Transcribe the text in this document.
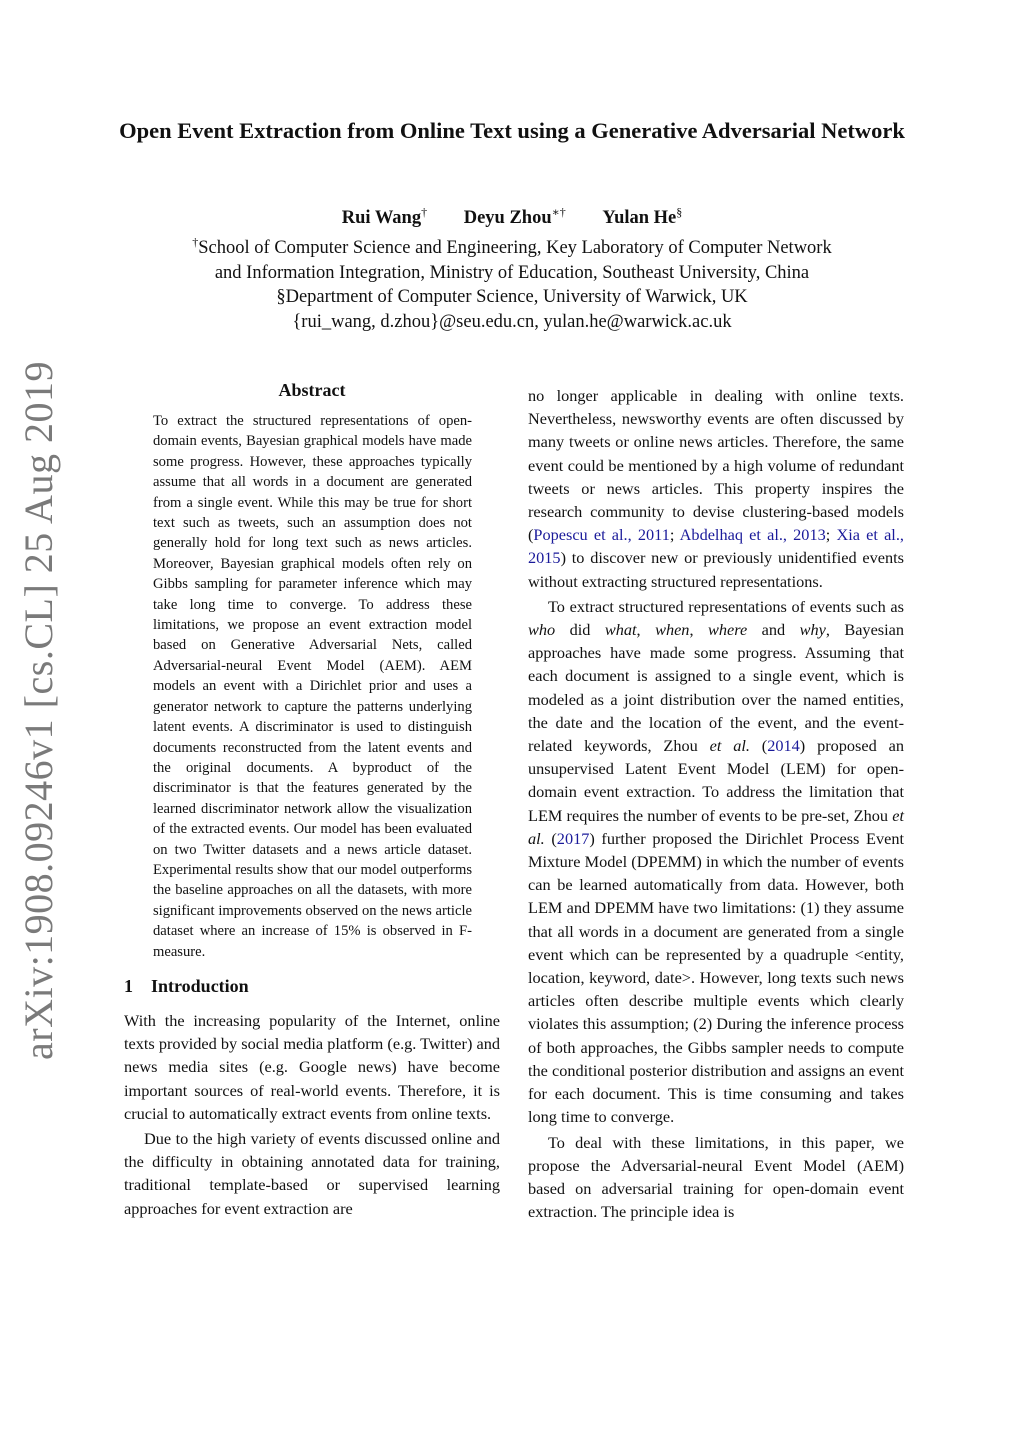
arXiv:1908.09246v1 [cs.CL] 25 Aug 2019
Open Event Extraction from Online Text using a Generative Adversarial Network
Rui Wang† Deyu Zhou∗† Yulan He§
†School of Computer Science and Engineering, Key Laboratory of Computer Network
and Information Integration, Ministry of Education, Southeast University, China
§Department of Computer Science, University of Warwick, UK
{rui_wang, d.zhou}@seu.edu.cn, yulan.he@warwick.ac.uk
Abstract
To extract the structured representations of open-domain events, Bayesian graphical models have made some progress. However, these approaches typically assume that all words in a document are generated from a single event. While this may be true for short text such as tweets, such an assumption does not generally hold for long text such as news articles. Moreover, Bayesian graphical models often rely on Gibbs sampling for parameter inference which may take long time to converge. To address these limitations, we propose an event extraction model based on Generative Adversarial Nets, called Adversarial-neural Event Model (AEM). AEM models an event with a Dirichlet prior and uses a generator network to capture the patterns underlying latent events. A discriminator is used to distinguish documents reconstructed from the latent events and the original documents. A byproduct of the discriminator is that the features generated by the learned discriminator network allow the visualization of the extracted events. Our model has been evaluated on two Twitter datasets and a news article dataset. Experimental results show that our model outperforms the baseline approaches on all the datasets, with more significant improvements observed on the news article dataset where an increase of 15% is observed in F-measure.
1 Introduction

With the increasing popularity of the Internet, online texts provided by social media platform (e.g. Twitter) and news media sites (e.g. Google news) have become important sources of real-world events. Therefore, it is crucial to automatically extract events from online texts.

Due to the high variety of events discussed online and the difficulty in obtaining annotated data for training, traditional template-based or supervised learning approaches for event extraction are

no longer applicable in dealing with online texts. Nevertheless, newsworthy events are often discussed by many tweets or online news articles. Therefore, the same event could be mentioned by a high volume of redundant tweets or news articles. This property inspires the research community to devise clustering-based models (Popescu et al., 2011; Abdelhaq et al., 2013; Xia et al., 2015) to discover new or previously unidentified events without extracting structured representations.

To extract structured representations of events such as who did what, when, where and why, Bayesian approaches have made some progress. Assuming that each document is assigned to a single event, which is modeled as a joint distribution over the named entities, the date and the location of the event, and the event-related keywords, Zhou et al. (2014) proposed an unsupervised Latent Event Model (LEM) for open-domain event extraction. To address the limitation that LEM requires the number of events to be pre-set, Zhou et al. (2017) further proposed the Dirichlet Process Event Mixture Model (DPEMM) in which the number of events can be learned automatically from data. However, both LEM and DPEMM have two limitations: (1) they assume that all words in a document are generated from a single event which can be represented by a quadruple <entity, location, keyword, date>. However, long texts such news articles often describe multiple events which clearly violates this assumption; (2) During the inference process of both approaches, the Gibbs sampler needs to compute the conditional posterior distribution and assigns an event for each document. This is time consuming and takes long time to converge.

To deal with these limitations, in this paper, we propose the Adversarial-neural Event Model (AEM) based on adversarial training for open-domain event extraction. The principle idea is
